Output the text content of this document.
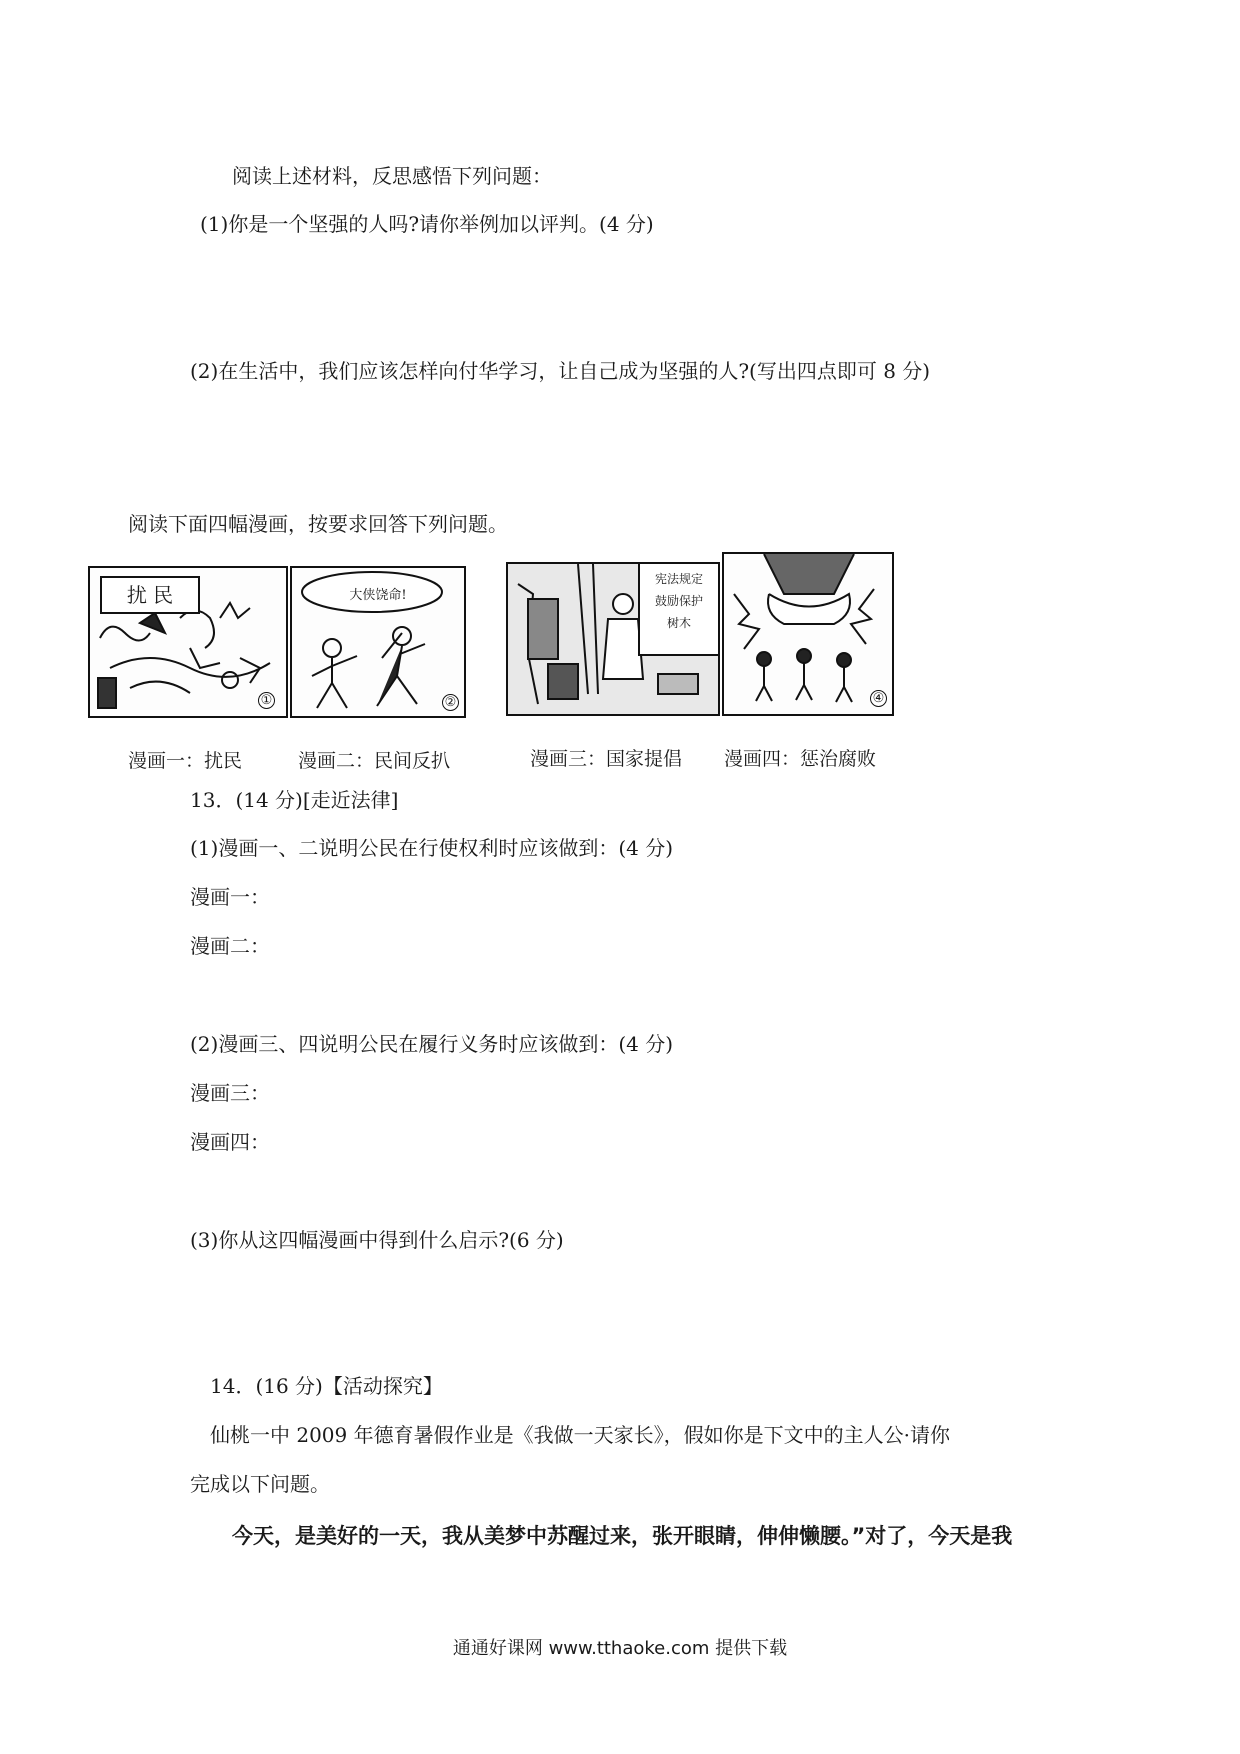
阅读上述材料，反思感悟下列问题：
(1)你是一个坚强的人吗?请你举例加以评判。(4 分)
(2)在生活中，我们应该怎样向付华学习，让自己成为坚强的人?(写出四点即可 8 分)
阅读下面四幅漫画，按要求回答下列问题。
扰 民
①
大侠饶命!
②
宪法规定
鼓励保护
树木
④
漫画一：扰民	漫画二：民间反扒	漫画三：国家提倡 漫画四：惩治腐败
13．(14 分)[走近法律]
(1)漫画一、二说明公民在行使权利时应该做到：(4 分)
漫画一：
漫画二：
(2)漫画三、四说明公民在履行义务时应该做到：(4 分)
漫画三：
漫画四：
(3)你从这四幅漫画中得到什么启示?(6 分)
14．(16 分)【活动探究】
仙桃一中 2009 年德育暑假作业是《我做一天家长》，假如你是下文中的主人公·请你
完成以下问题。
今天，是美好的一天，我从美梦中苏醒过来，张开眼睛，伸伸懒腰。”对了，今天是我
通通好课网 www.tthaoke.com 提供下载
